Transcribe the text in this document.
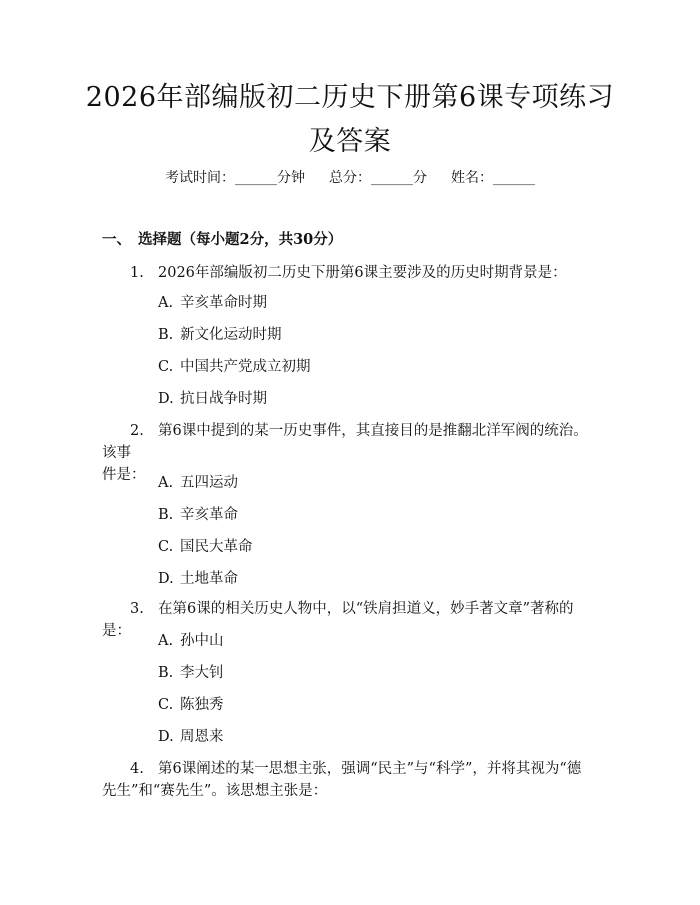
2026年部编版初二历史下册第6课专项练习及答案
考试时间：______分钟 总分：______分 姓名：______
一、 选择题（每小题2分，共30分）
1. 2026年部编版初二历史下册第6课主要涉及的历史时期背景是：
A. 辛亥革命时期
B. 新文化运动时期
C. 中国共产党成立初期
D. 抗日战争时期
2. 第6课中提到的某一历史事件，其直接目的是推翻北洋军阀的统治。该事
件是： A. 五四运动
B. 辛亥革命
C. 国民大革命
D. 土地革命
3. 在第6课的相关历史人物中，以“铁肩担道义，妙手著文章”著称的是：
A. 孙中山
B. 李大钊
C. 陈独秀
D. 周恩来
4. 第6课阐述的某一思想主张，强调“民主”与“科学”，并将其视为“德
先生”和“赛先生”。该思想主张是：
